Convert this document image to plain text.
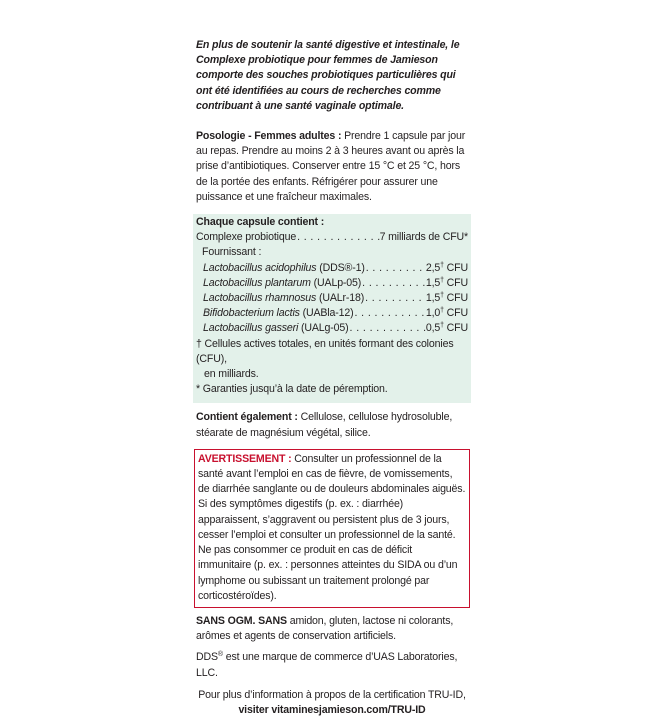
En plus de soutenir la santé digestive et intestinale, le Complexe probiotique pour femmes de Jamieson comporte des souches probiotiques particulières qui ont été identifiées au cours de recherches comme contribuant à une santé vaginale optimale.

Posologie - Femmes adultes : Prendre 1 capsule par jour au repas. Prendre au moins 2 à 3 heures avant ou après la prise d’antibiotiques. Conserver entre 15 °C et 25 °C, hors de la portée des enfants. Réfrigérer pour assurer une puissance et une fraîcheur maximales.

Chaque capsule contient :
Complexe probiotique . . .	7 milliards de CFU*
Fournissant :
Lactobacillus acidophilus (DDS®-1) . . .	2,5† CFU
Lactobacillus plantarum (UALp-05) . . .	1,5† CFU
Lactobacillus rhamnosus (UALr-18) . . .	1,5† CFU
Bifidobacterium lactis (UABla-12) . . .	1,0† CFU
Lactobacillus gasseri (UALg-05) . . .	0,5† CFU
† Cellules actives totales, en unités formant des colonies (CFU),
en milliards.
* Garanties jusqu’à la date de péremption.

Contient également : Cellulose, cellulose hydrosoluble, stéarate de magnésium végétal, silice.

AVERTISSEMENT : Consulter un professionnel de la santé avant l’emploi en cas de fièvre, de vomissements, de diarrhée sanglante ou de douleurs abdominales aiguës. Si des symptômes digestifs (p. ex. : diarrhée) apparaissent, s’aggravent ou persistent plus de 3 jours, cesser l’emploi et consulter un professionnel de la santé. Ne pas consommer ce produit en cas de déficit immunitaire (p. ex. : personnes atteintes du SIDA ou d’un lymphome ou subissant un traitement prolongé par corticostéroïdes).

SANS OGM. SANS amidon, gluten, lactose ni colorants, arômes et agents de conservation artificiels.

DDS® est une marque de commerce d’UAS Laboratories, LLC.

Pour plus d’information à propos de la certification TRU-ID,
visiter vitaminesjamieson.com/TRU-ID
